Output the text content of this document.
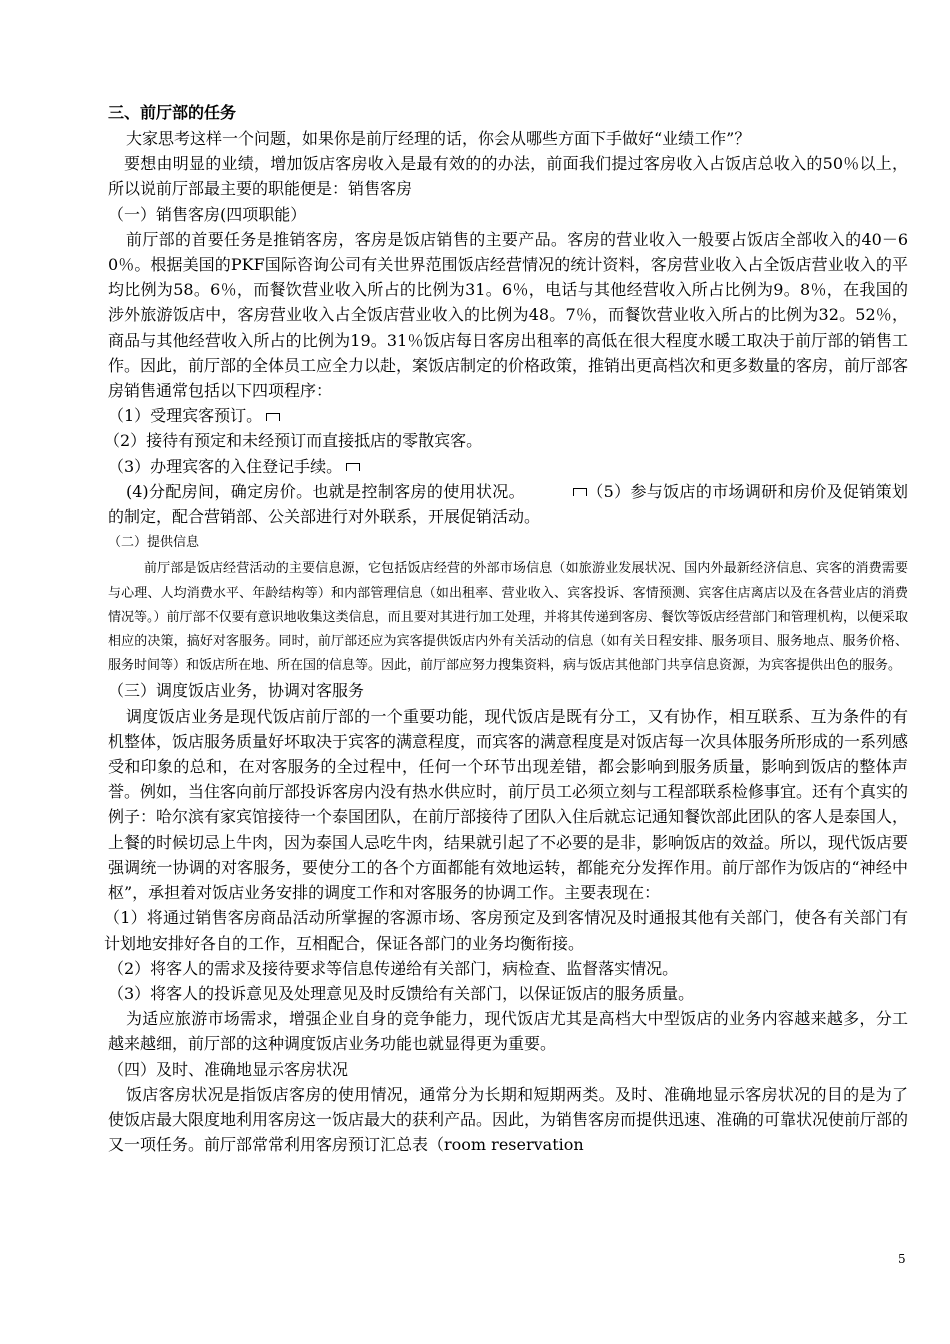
三、前厅部的任务

大家思考这样一个问题，如果你是前厅经理的话，你会从哪些方面下手做好“业绩工作”？

要想由明显的业绩，增加饭店客房收入是最有效的的办法，前面我们提过客房收入占饭店总收入的50％以上，所以说前厅部最主要的职能便是：销售客房

（一）销售客房(四项职能）

前厅部的首要任务是推销客房，客房是饭店销售的主要产品。客房的营业收入一般要占饭店全部收入的40－60％。根据美国的PKF国际咨询公司有关世界范围饭店经营情况的统计资料，客房营业收入占全饭店营业收入的平均比例为58。6％，而餐饮营业收入所占的比例为31。6％，电话与其他经营收入所占比例为9。8％，在我国的涉外旅游饭店中，客房营业收入占全饭店营业收入的比例为48。7％，而餐饮营业收入所占的比例为32。52％，商品与其他经营收入所占的比例为19。31％饭店每日客房出租率的高低在很大程度水暖工取决于前厅部的销售工作。因此，前厅部的全体员工应全力以赴，案饭店制定的价格政策，推销出更高档次和更多数量的客房，前厅部客房销售通常包括以下四项程序：

（1）受理宾客预订。

（2）接待有预定和未经预订而直接抵店的零散宾客。

（3）办理宾客的入住登记手续。

(4)分配房间，确定房价。也就是控制客房的使用状况。	（5）参与饭店的市场调研和房价及促销策划的制定，配合营销部、公关部进行对外联系，开展促销活动。

（二）提供信息

前厅部是饭店经营活动的主要信息源，它包括饭店经营的外部市场信息（如旅游业发展状况、国内外最新经济信息、宾客的消费需要与心理、人均消费水平、年龄结构等）和内部管理信息（如出租率、营业收入、宾客投诉、客情预测、宾客住店离店以及在各营业店的消费情况等。）前厅部不仅要有意识地收集这类信息，而且要对其进行加工处理，并将其传递到客房、餐饮等饭店经营部门和管理机构，以便采取相应的决策，搞好对客服务。同时，前厅部还应为宾客提供饭店内外有关活动的信息（如有关日程安排、服务项目、服务地点、服务价格、服务时间等）和饭店所在地、所在国的信息等。因此，前厅部应努力搜集资料，病与饭店其他部门共享信息资源，为宾客提供出色的服务。

（三）调度饭店业务，协调对客服务

调度饭店业务是现代饭店前厅部的一个重要功能，现代饭店是既有分工，又有协作，相互联系、互为条件的有机整体，饭店服务质量好坏取决于宾客的满意程度，而宾客的满意程度是对饭店每一次具体服务所形成的一系列感受和印象的总和，在对客服务的全过程中，任何一个环节出现差错，都会影响到服务质量，影响到饭店的整体声誉。例如，当住客向前厅部投诉客房内没有热水供应时，前厅员工必须立刻与工程部联系检修事宜。还有个真实的例子：哈尔滨有家宾馆接待一个泰国团队，在前厅部接待了团队入住后就忘记通知餐饮部此团队的客人是泰国人，上餐的时候切忌上牛肉，因为泰国人忌吃牛肉，结果就引起了不必要的是非，影响饭店的效益。所以，现代饭店要强调统一协调的对客服务，要使分工的各个方面都能有效地运转，都能充分发挥作用。前厅部作为饭店的“神经中枢”，承担着对饭店业务安排的调度工作和对客服务的协调工作。主要表现在：

（1）将通过销售客房商品活动所掌握的客源市场、客房预定及到客情况及时通报其他有关部门，使各有关部门有计划地安排好各自的工作，互相配合，保证各部门的业务均衡衔接。

（2）将客人的需求及接待要求等信息传递给有关部门，病检查、监督落实情况。

（3）将客人的投诉意见及处理意见及时反馈给有关部门，以保证饭店的服务质量。

为适应旅游市场需求，增强企业自身的竞争能力，现代饭店尤其是高档大中型饭店的业务内容越来越多，分工越来越细，前厅部的这种调度饭店业务功能也就显得更为重要。

（四）及时、准确地显示客房状况

饭店客房状况是指饭店客房的使用情况，通常分为长期和短期两类。及时、准确地显示客房状况的目的是为了使饭店最大限度地利用客房这一饭店最大的获利产品。因此，为销售客房而提供迅速、准确的可靠状况使前厅部的又一项任务。前厅部常常利用客房预订汇总表（room reservation

5
